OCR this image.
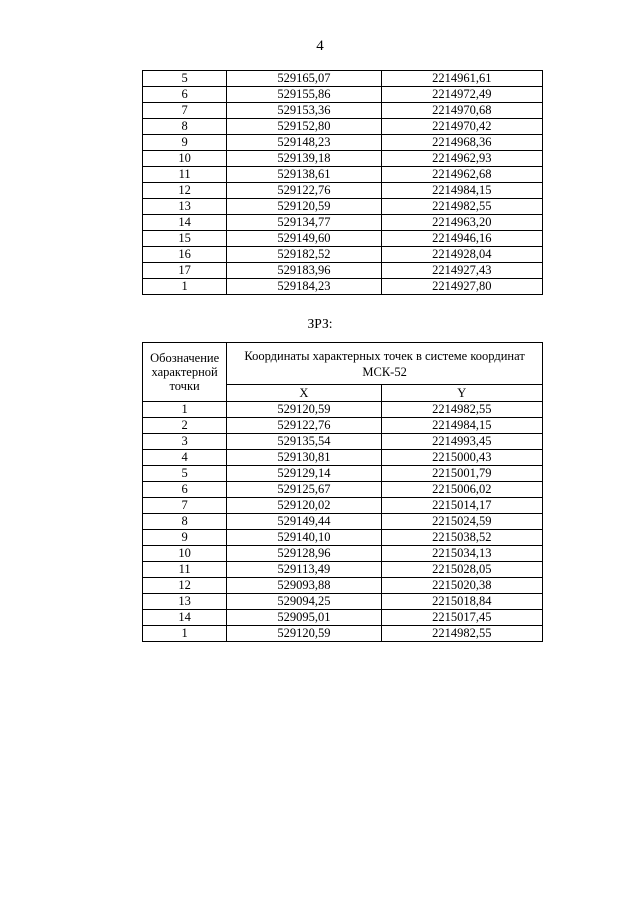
4
5	529165,07	2214961,61
6	529155,86	2214972,49
7	529153,36	2214970,68
8	529152,80	2214970,42
9	529148,23	2214968,36
10	529139,18	2214962,93
11	529138,61	2214962,68
12	529122,76	2214984,15
13	529120,59	2214982,55
14	529134,77	2214963,20
15	529149,60	2214946,16
16	529182,52	2214928,04
17	529183,96	2214927,43
1	529184,23	2214927,80
ЗРЗ:
Обозначение характерной точки	Координаты характерных точек в системе координат МСК-52	
	X	Y
1	529120,59	2214982,55
2	529122,76	2214984,15
3	529135,54	2214993,45
4	529130,81	2215000,43
5	529129,14	2215001,79
6	529125,67	2215006,02
7	529120,02	2215014,17
8	529149,44	2215024,59
9	529140,10	2215038,52
10	529128,96	2215034,13
11	529113,49	2215028,05
12	529093,88	2215020,38
13	529094,25	2215018,84
14	529095,01	2215017,45
1	529120,59	2214982,55
